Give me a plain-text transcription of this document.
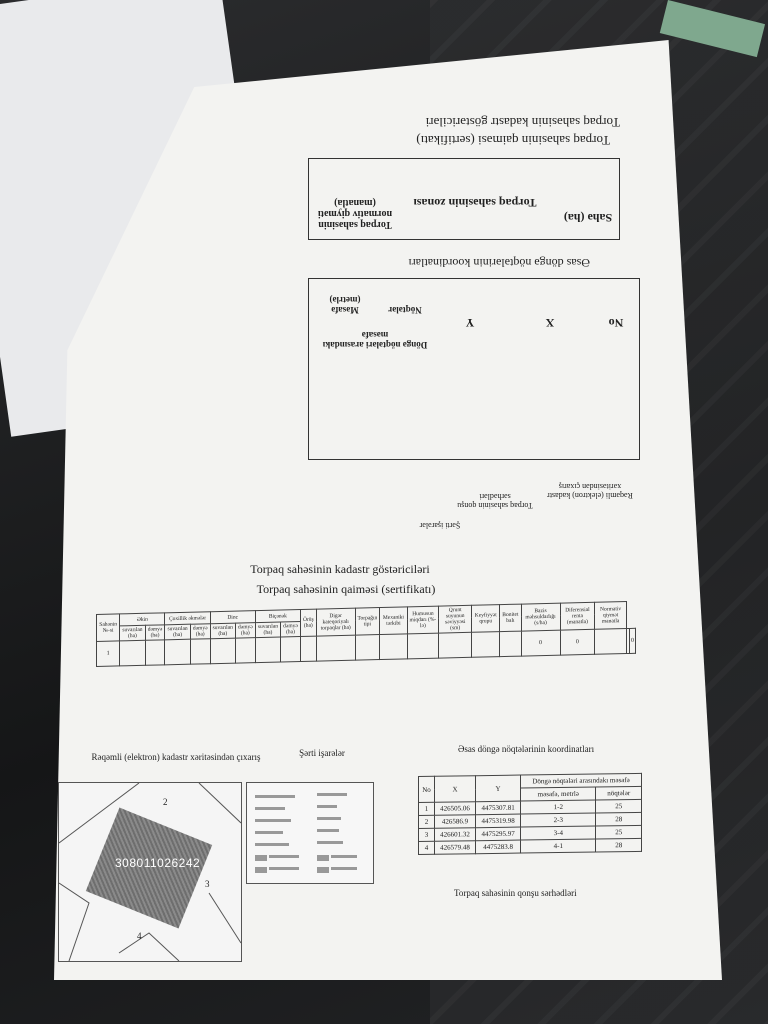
Torpaq sahəsinin kadastr göstəriciləri
Torpaq sahəsinin qaiməsi (sertifikatı)
Sahə (ha)
Torpaq sahəsinin zonası
Torpaq sahəsinin normativ qiyməti (manatla)
Əsas döngə nöqtələrinin koordinatları
No
X
Y
Döngə nöqtələri arasındakı məsafə
Nöqtələr
Məsafə (metrlə)
Rəqəmli (elektron) kadastr xəritəsindən çıxarış
Torpaq sahəsinin qonşu sərhədləri
Şərti işarələr
Torpaq sahəsinin kadastr göstəriciləri
Torpaq sahəsinin qaiməsi (sertifikatı)
Sahənin №-si	Əkin		Çoxillik əkmələr		Dinc		Biçənək		Örüş (ha)	Digər kateqoriyalı torpaqlar (ha)	Torpağın tipi	Mexaniki tərkibi	Humusun miqdarı (%-lə)	Qrunt suyunun səviyyəsi (sm)	Keyfiyyət qrupu	Bonitet balı	Bazis məhsuldarlığı (s/ha)	Diferensial renta (manatla)	Normativ qiymət manatla		
	suvarılan (ha)	dəmyə (ha)	suvarılan (ha)	dəmyə (ha)	suvarılan (ha)	dəmyə (ha)	suvarılan (ha)	dəmyə (ha)													
1																	0	0			0
Rəqəmli (elektron) kadastr xəritəsindən çıxarış
308011026242
2
3
4
Şərti işarələr	Əsas döngə nöqtələrinin koordinatları
No	X	Y	Döngə nöqtələri arasındakı məsafə	
			məsafə, metrlə	nöqtələr
1	426505.06	4475307.81	1-2	25
2	426586.9	4475319.98	2-3	28
3	426601.32	4475295.97	3-4	25
4	426579.48	4475283.8	4-1	28
Torpaq sahəsinin qonşu sərhədləri
